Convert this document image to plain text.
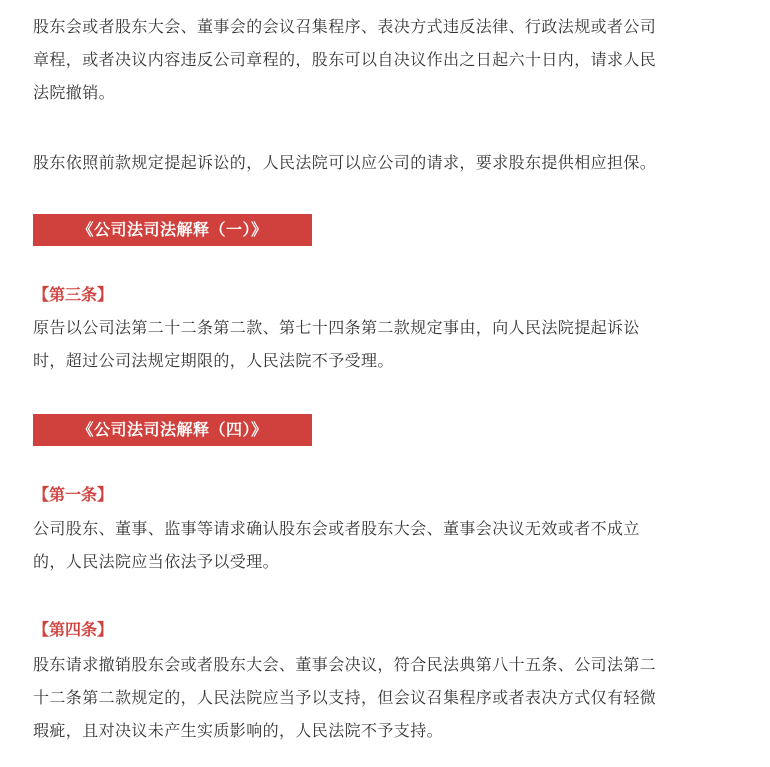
股东会或者股东大会、董事会的会议召集程序、表决方式违反法律、行政法规或者公司
章程，或者决议内容违反公司章程的，股东可以自决议作出之日起六十日内，请求人民
法院撤销。

股东依照前款规定提起诉讼的，人民法院可以应公司的请求，要求股东提供相应担保。

《公司法司法解释（一）》

【第三条】

原告以公司法第二十二条第二款、第七十四条第二款规定事由，向人民法院提起诉讼
时，超过公司法规定期限的，人民法院不予受理。

《公司法司法解释（四）》

【第一条】

公司股东、董事、监事等请求确认股东会或者股东大会、董事会决议无效或者不成立
的，人民法院应当依法予以受理。

【第四条】

股东请求撤销股东会或者股东大会、董事会决议，符合民法典第八十五条、公司法第二
十二条第二款规定的，人民法院应当予以支持，但会议召集程序或者表决方式仅有轻微
瑕疵，且对决议未产生实质影响的，人民法院不予支持。
